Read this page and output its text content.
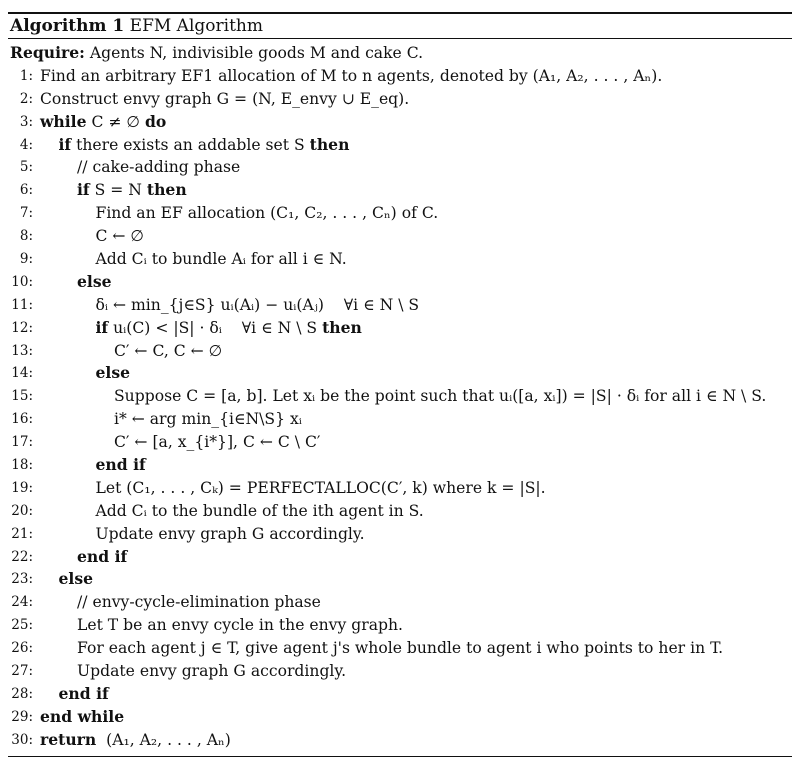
Algorithm 1 EFM Algorithm
Require: Agents N, indivisible goods M and cake C.
1: Find an arbitrary EF1 allocation of M to n agents, denoted by (A₁, A₂, . . . , Aₙ).
2: Construct envy graph G = (N, E_envy ∪ E_eq).
3: while C ≠ ∅ do
4: if there exists an addable set S then
5:	// cake-adding phase
6:	if S = N then
7:	Find an EF allocation (C₁, C₂, . . . , Cₙ) of C.
8:	C ← ∅
9:	Add Cᵢ to bundle Aᵢ for all i ∈ N.
10:	else
11:	δᵢ ← min_{j∈S} uᵢ(Aᵢ) − uᵢ(Aⱼ)    ∀i ∈ N \ S
12:	if uᵢ(C) < |S| · δᵢ    ∀i ∈ N \ S then
13:	C′ ← C, C ← ∅
14:	else
15:	Suppose C = [a, b]. Let xᵢ be the point such that uᵢ([a, xᵢ]) = |S| · δᵢ for all i ∈ N \ S.
16:	i* ← arg min_{i∈N\S} xᵢ
17:	C′ ← [a, x_{i*}], C ← C \ C′
18:	end if
19:	Let (C₁, . . . , Cₖ) = PERFECTALLOC(C′, k) where k = |S|.
20:	Add Cᵢ to the bundle of the ith agent in S.
21:	Update envy graph G accordingly.
22:	end if
23: else
24:	// envy-cycle-elimination phase
25:	Let T be an envy cycle in the envy graph.
26:	For each agent j ∈ T, give agent j's whole bundle to agent i who points to her in T.
27:	Update envy graph G accordingly.
28: end if
29: end while
30: return  (A₁, A₂, . . . , Aₙ)
